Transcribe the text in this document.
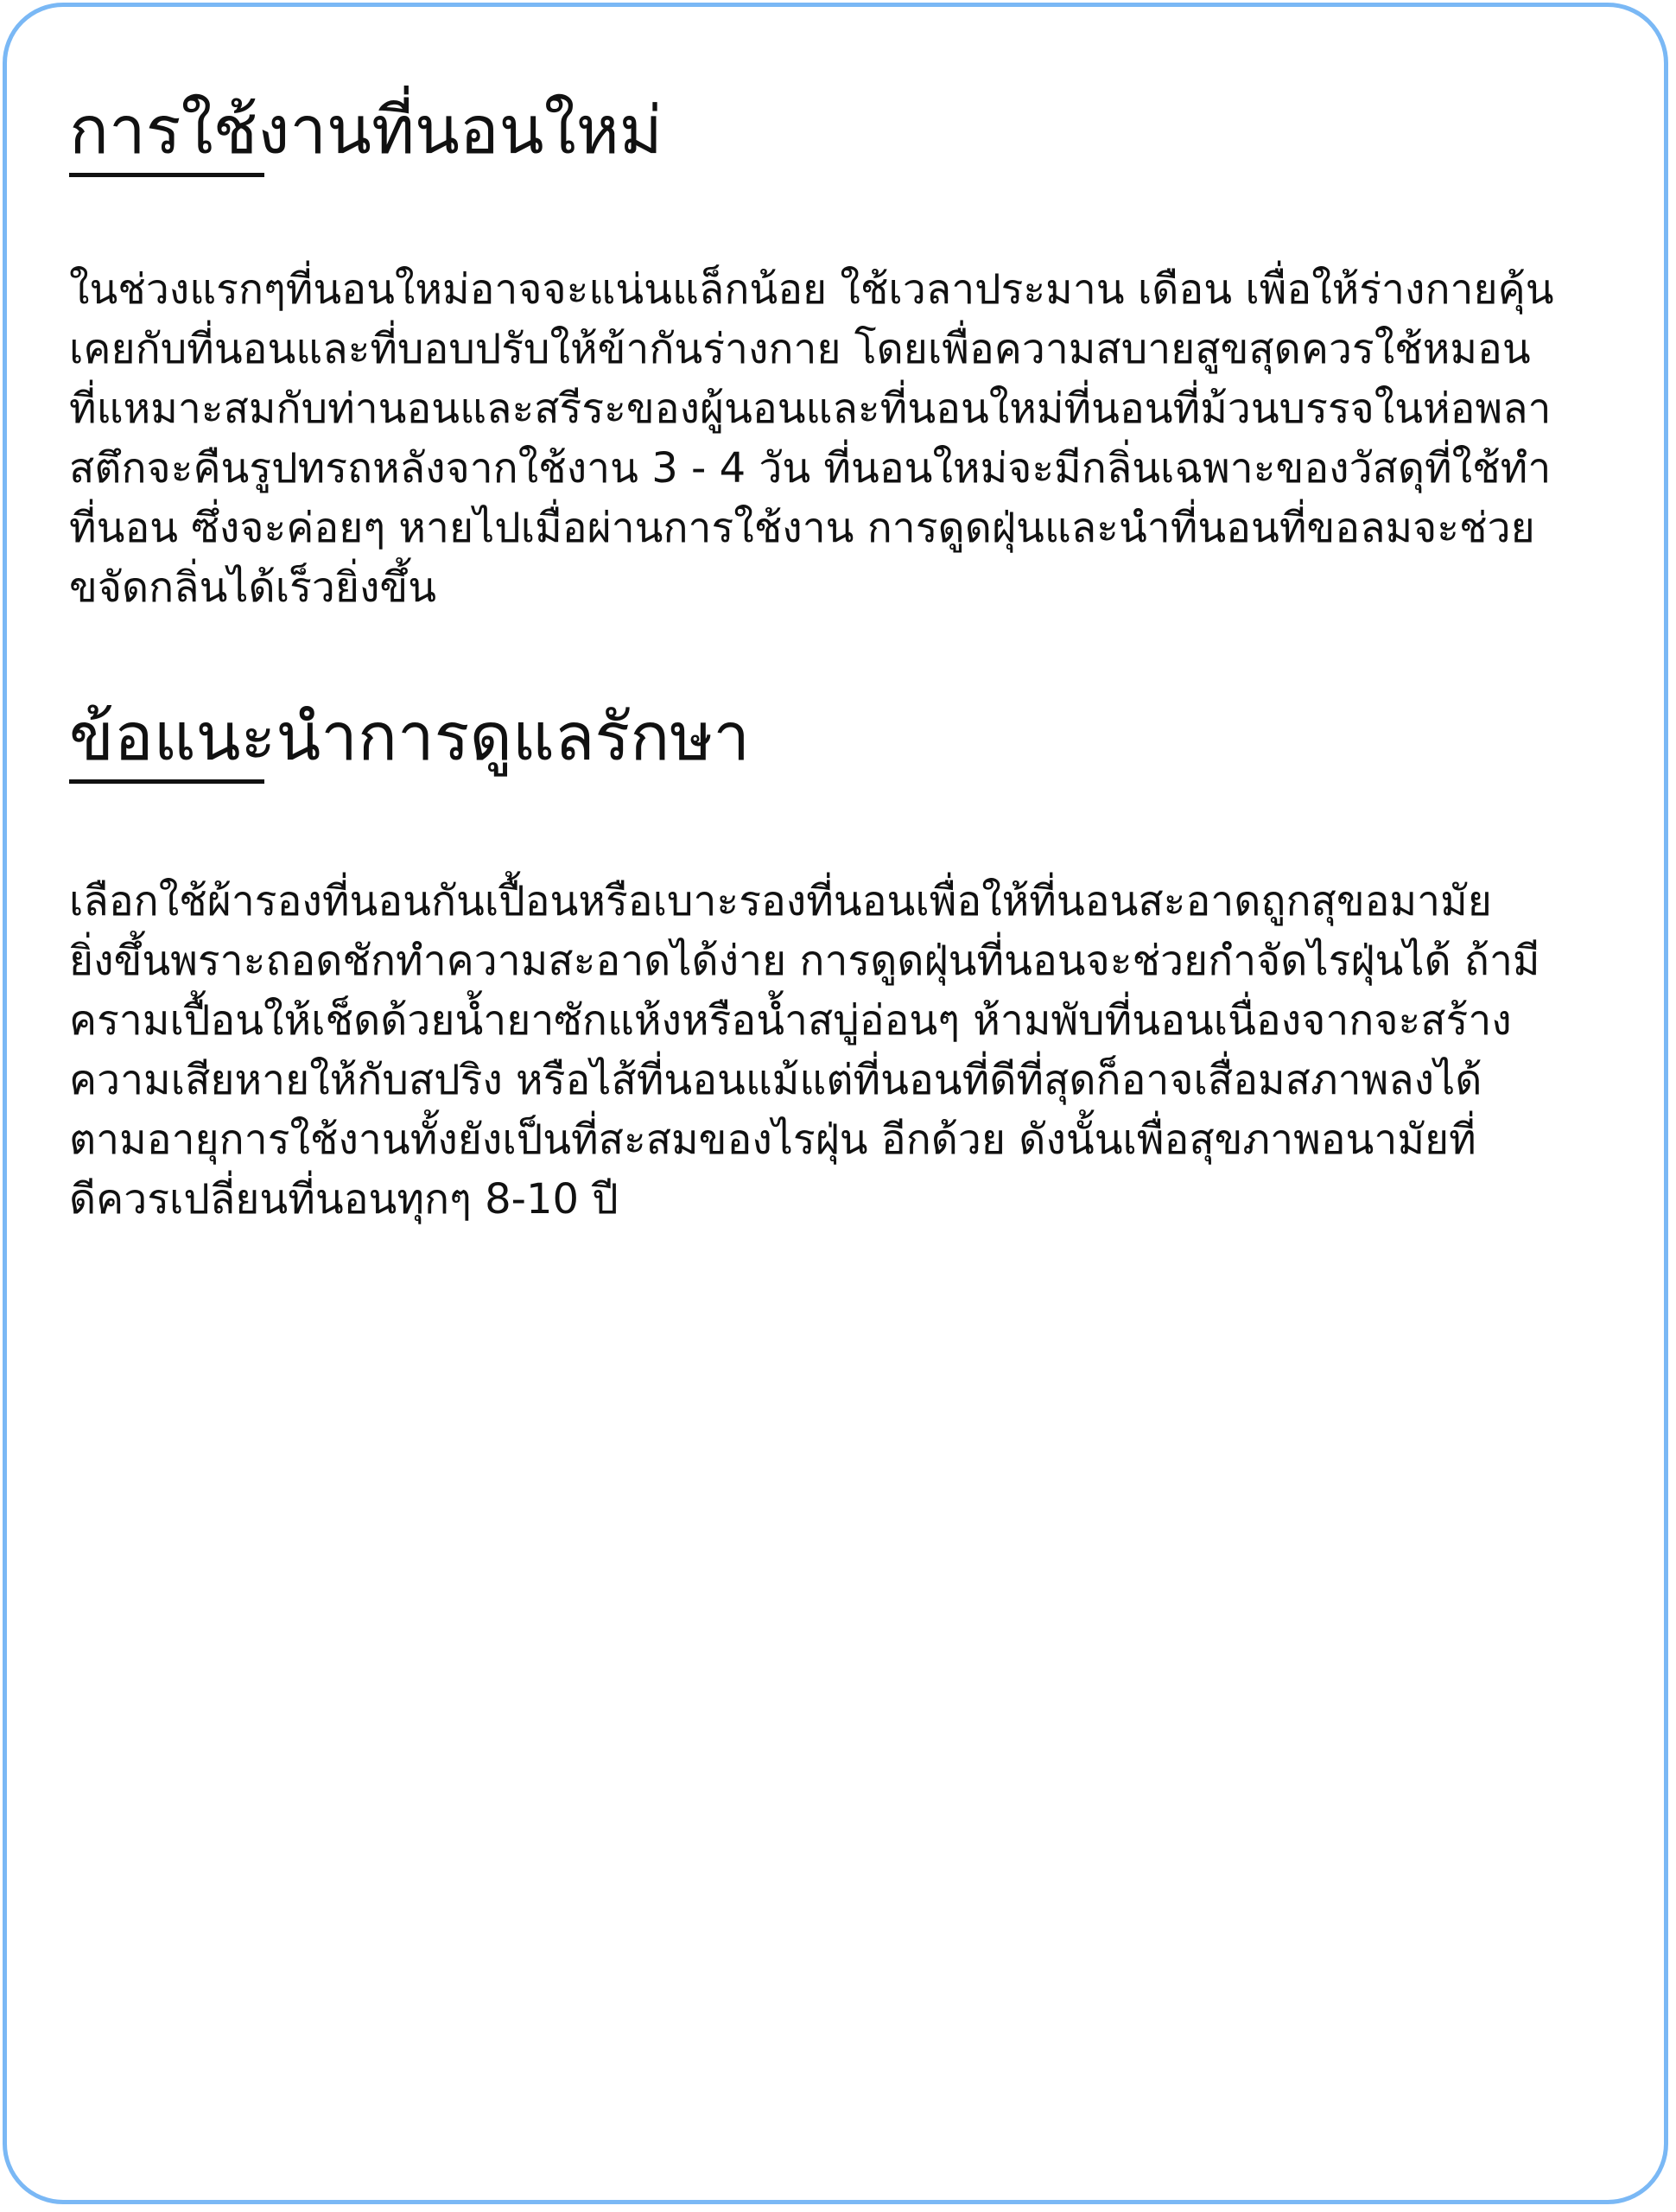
การใช้งานที่นอนใหม่

ในช่วงแรกๆที่นอนใหม่อาจจะแน่นแล็กน้อย ใช้เวลาประมาน เดือน เพื่อให้ร่างกายคุ้น
เคยกับที่นอนและที่บอบปรับให้ข้ากันร่างกาย โดยเพื่อความสบายสูขสุดควรใช้หมอน
ที่แหมาะสมกับท่านอนและสรีระของผู้นอนและที่นอนใหม่ที่นอนที่ม้วนบรรจในห่อพลา
สตึกจะคืนรูปทรถหลังจากใช้งาน 3 - 4 วัน ที่นอนใหม่จะมีกลิ่นเฉพาะของวัสดุที่ใช้ทำ
ที่นอน ซึ่งจะค่อยๆ หายไปเมื่อผ่านการใช้งาน การดูดฝุ่นและนำที่นอนที่ขอลมจะช่วย
ขจัดกลิ่นได้เร็วยิ่งขึ้น

ข้อแนะนำการดูแลรักษา

เลือกใช้ผ้ารองที่นอนกันเปื้อนหรือเบาะรองที่นอนเพื่อให้ที่นอนสะอาดถูกสุขอมามัย
ยิ่งขึ้นพราะถอดชักทำความสะอาดได้ง่าย การดูดฝุ่นที่นอนจะช่วยกำจัดไรฝุ่นได้ ถ้ามี
ครามเปื้อนให้เช็ดด้วยน้ำยาซักแห้งหรือน้ำสบู่อ่อนๆ ห้ามพับที่นอนเนื่องจากจะสร้าง
ความเสียหายให้กับสปริง หรือไส้ที่นอนแม้แต่ที่นอนที่ดีที่สุดก็อาจเสื่อมสภาพลงได้
ตามอายุการใช้งานทั้งยังเป็นที่สะสมของไรฝุ่น อีกด้วย ดังนั้นเพื่อสุขภาพอนามัยที่
ดีควรเปลี่ยนที่นอนทุกๆ 8-10 ปี
